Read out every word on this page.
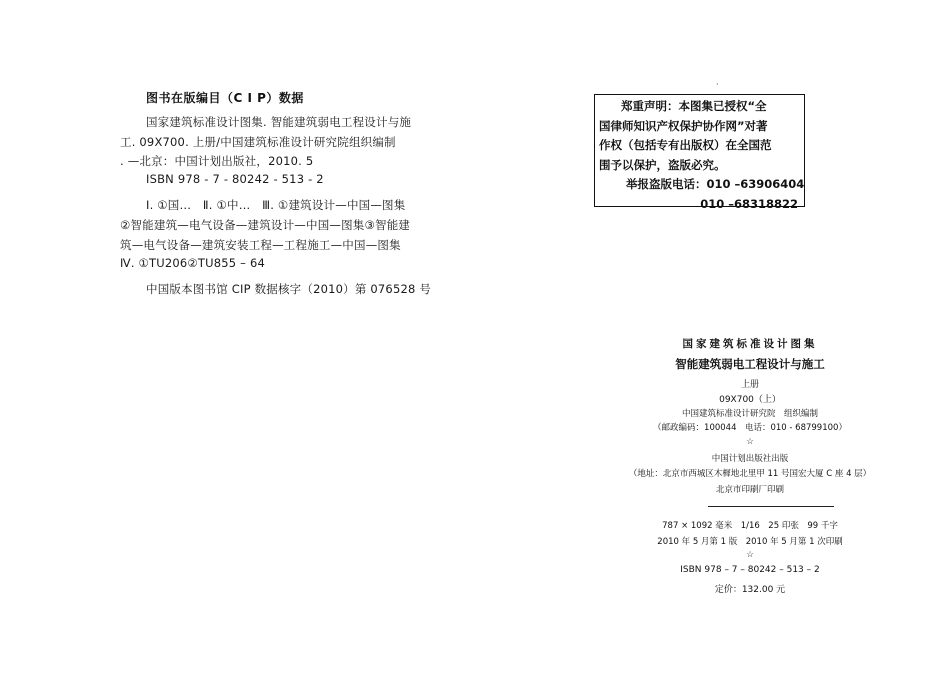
图书在版编目（C I P）数据
国家建筑标准设计图集. 智能建筑弱电工程设计与施
工. 09X700. 上册/中国建筑标准设计研究院组织编制
. —北京：中国计划出版社，2010. 5
ISBN 978 - 7 - 80242 - 513 - 2
Ⅰ. ①国…　Ⅱ. ①中…　Ⅲ. ①建筑设计—中国—图集
②智能建筑—电气设备—建筑设计—中国—图集③智能建
筑—电气设备—建筑安装工程—工程施工—中国—图集
Ⅳ. ①TU206②TU855 – 64
中国版本图书馆 CIP 数据核字（2010）第 076528 号
·
郑重声明：本图集已授权“全
国律师知识产权保护协作网”对著
作权（包括专有出版权）在全国范
围予以保护，盗版必究。
举报盗版电话：010 –63906404
010 –68318822
国家建筑标准设计图集
智能建筑弱电工程设计与施工
上册
09X700（上）
中国建筑标准设计研究院　组织编制
（邮政编码：100044　电话：010 - 68799100）
☆
中国计划出版社出版
（地址：北京市西城区木樨地北里甲 11 号国宏大厦 C 座 4 层）
北京市印刷厂印刷
787 × 1092 毫米　1/16　25 印张　99 千字
2010 年 5 月第 1 版　2010 年 5 月第 1 次印刷
☆
ISBN 978 – 7 – 80242 – 513 – 2
定价：132.00 元
